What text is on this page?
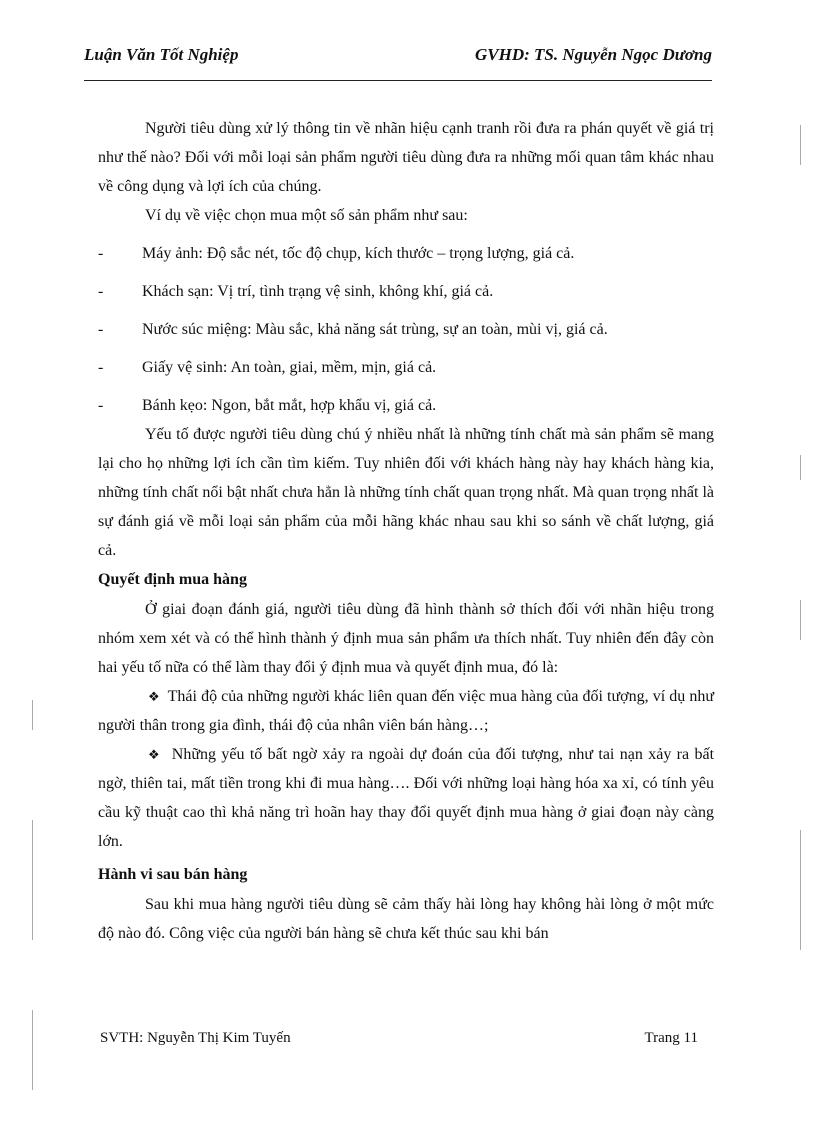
Luận Văn Tốt Nghiệp	GVHD: TS. Nguyễn Ngọc Dương

Người tiêu dùng xử lý thông tin về nhãn hiệu cạnh tranh rồi đưa ra phán quyết về giá trị như thế nào? Đối với mỗi loại sản phẩm người tiêu dùng đưa ra những mối quan tâm khác nhau về công dụng và lợi ích của chúng.

Ví dụ về việc chọn mua một số sản phẩm như sau:

- Máy ảnh: Độ sắc nét, tốc độ chụp, kích thước – trọng lượng, giá cả.

- Khách sạn: Vị trí, tình trạng vệ sinh, không khí, giá cả.

- Nước súc miệng: Màu sắc, khả năng sát trùng, sự an toàn, mùi vị, giá cả.

- Giấy vệ sinh: An toàn, giai, mềm, mịn, giá cả.

- Bánh kẹo: Ngon, bắt mắt, hợp khẩu vị, giá cả.

Yếu tố được người tiêu dùng chú ý nhiều nhất là những tính chất mà sản phẩm sẽ mang lại cho họ những lợi ích cần tìm kiếm. Tuy nhiên đối với khách hàng này hay khách hàng kia, những tính chất nổi bật nhất chưa hẳn là những tính chất quan trọng nhất. Mà quan trọng nhất là sự đánh giá về mỗi loại sản phẩm của mỗi hãng khác nhau sau khi so sánh về chất lượng, giá cả.

Quyết định mua hàng

Ở giai đoạn đánh giá, người tiêu dùng đã hình thành sở thích đối với nhãn hiệu trong nhóm xem xét và có thể hình thành ý định mua sản phẩm ưa thích nhất. Tuy nhiên đến đây còn hai yếu tố nữa có thể làm thay đổi ý định mua và quyết định mua, đó là:

❖ Thái độ của những người khác liên quan đến việc mua hàng của đối tượng, ví dụ như người thân trong gia đình, thái độ của nhân viên bán hàng…;

❖ Những yếu tố bất ngờ xảy ra ngoài dự đoán của đối tượng, như tai nạn xảy ra bất ngờ, thiên tai, mất tiền trong khi đi mua hàng…. Đối với những loại hàng hóa xa xỉ, có tính yêu cầu kỹ thuật cao thì khả năng trì hoãn hay thay đổi quyết định mua hàng ở giai đoạn này càng lớn.

Hành vi sau bán hàng

Sau khi mua hàng người tiêu dùng sẽ cảm thấy hài lòng hay không hài lòng ở một mức độ nào đó. Công việc của người bán hàng sẽ chưa kết thúc sau khi bán

SVTH: Nguyễn Thị Kim Tuyến	Trang 11
